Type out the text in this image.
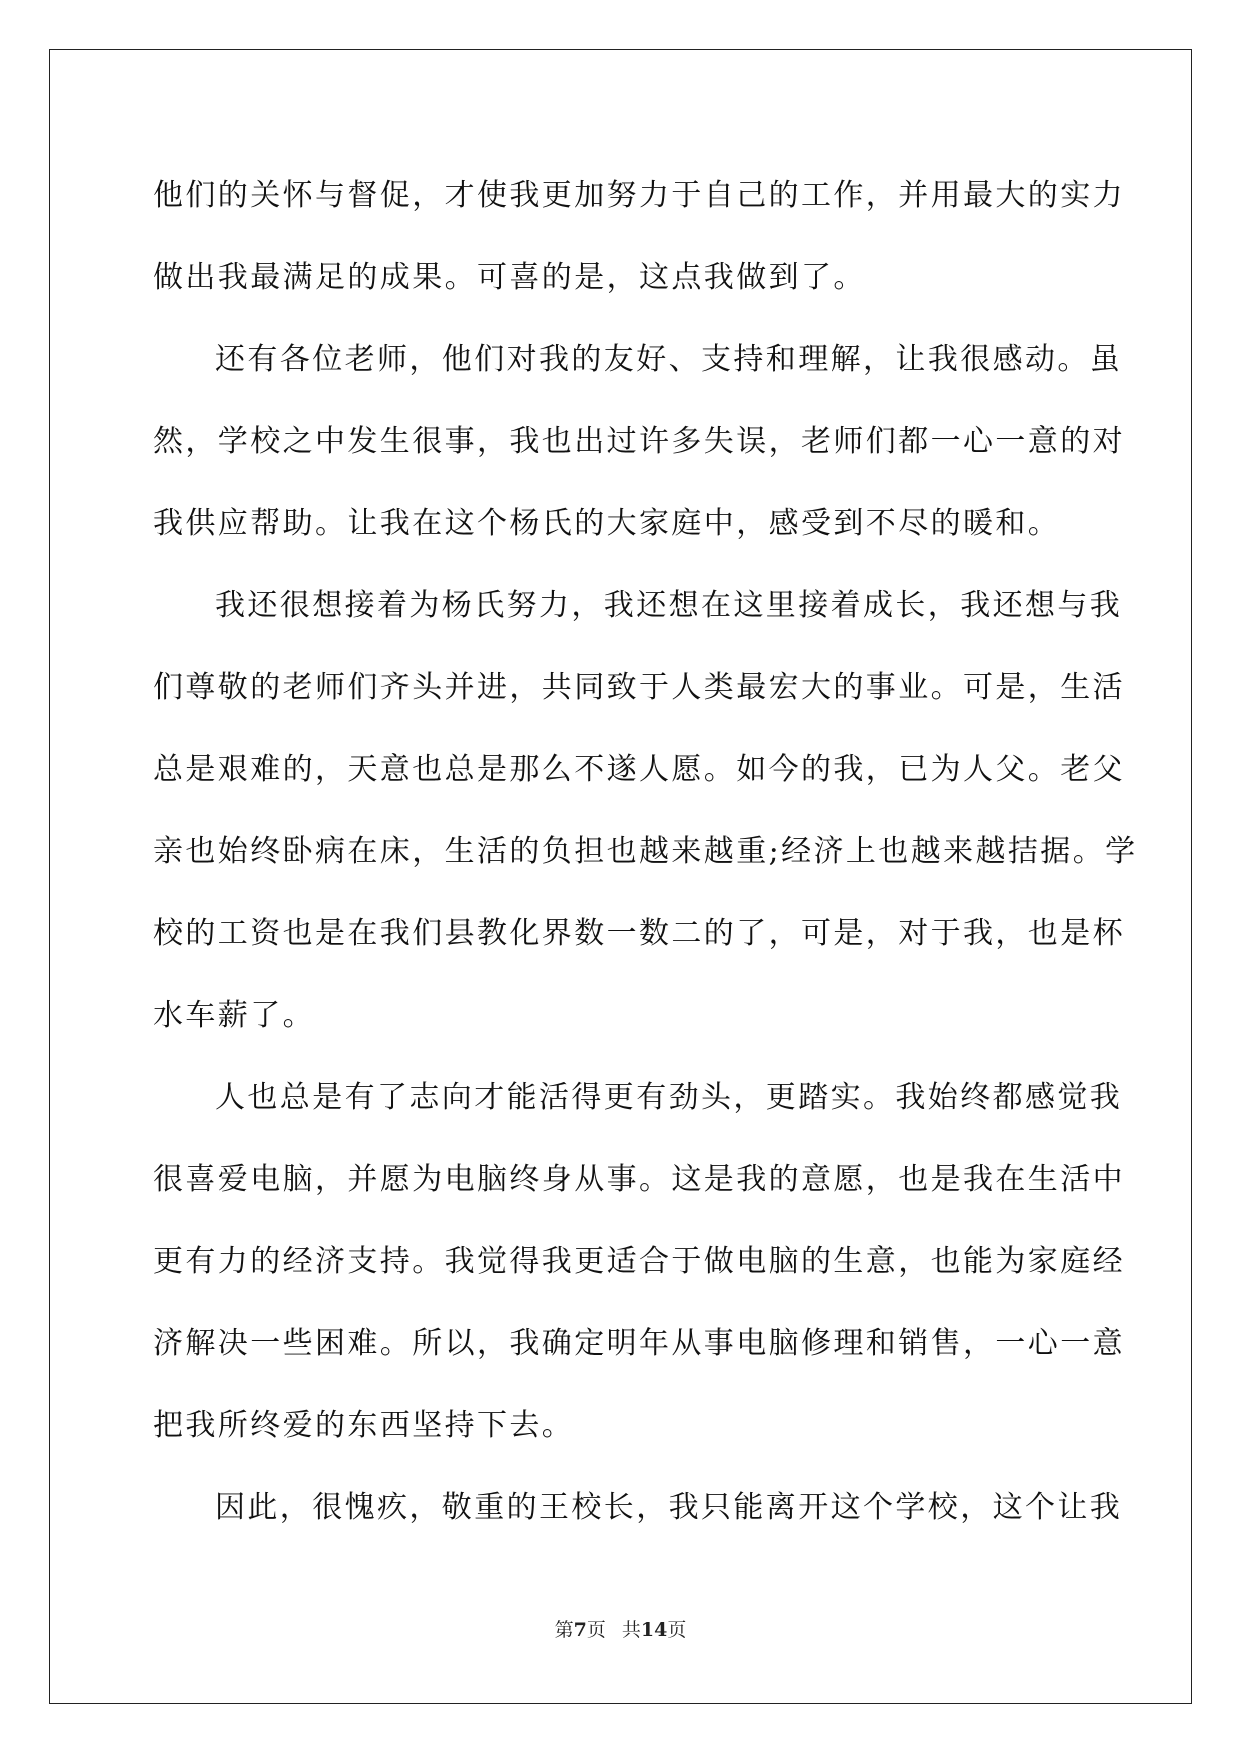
他们的关怀与督促，才使我更加努力于自己的工作，并用最大的实力
做出我最满足的成果。可喜的是，这点我做到了。
还有各位老师，他们对我的友好、支持和理解，让我很感动。虽
然，学校之中发生很事，我也出过许多失误，老师们都一心一意的对
我供应帮助。让我在这个杨氏的大家庭中，感受到不尽的暖和。
我还很想接着为杨氏努力，我还想在这里接着成长，我还想与我
们尊敬的老师们齐头并进，共同致于人类最宏大的事业。可是，生活
总是艰难的，天意也总是那么不遂人愿。如今的我，已为人父。老父
亲也始终卧病在床，生活的负担也越来越重;经济上也越来越拮据。学
校的工资也是在我们县教化界数一数二的了，可是，对于我，也是杯
水车薪了。
人也总是有了志向才能活得更有劲头，更踏实。我始终都感觉我
很喜爱电脑，并愿为电脑终身从事。这是我的意愿，也是我在生活中
更有力的经济支持。我觉得我更适合于做电脑的生意，也能为家庭经
济解决一些困难。所以，我确定明年从事电脑修理和销售，一心一意
把我所终爱的东西坚持下去。
因此，很愧疚，敬重的王校长，我只能离开这个学校，这个让我
第7页 共14页
